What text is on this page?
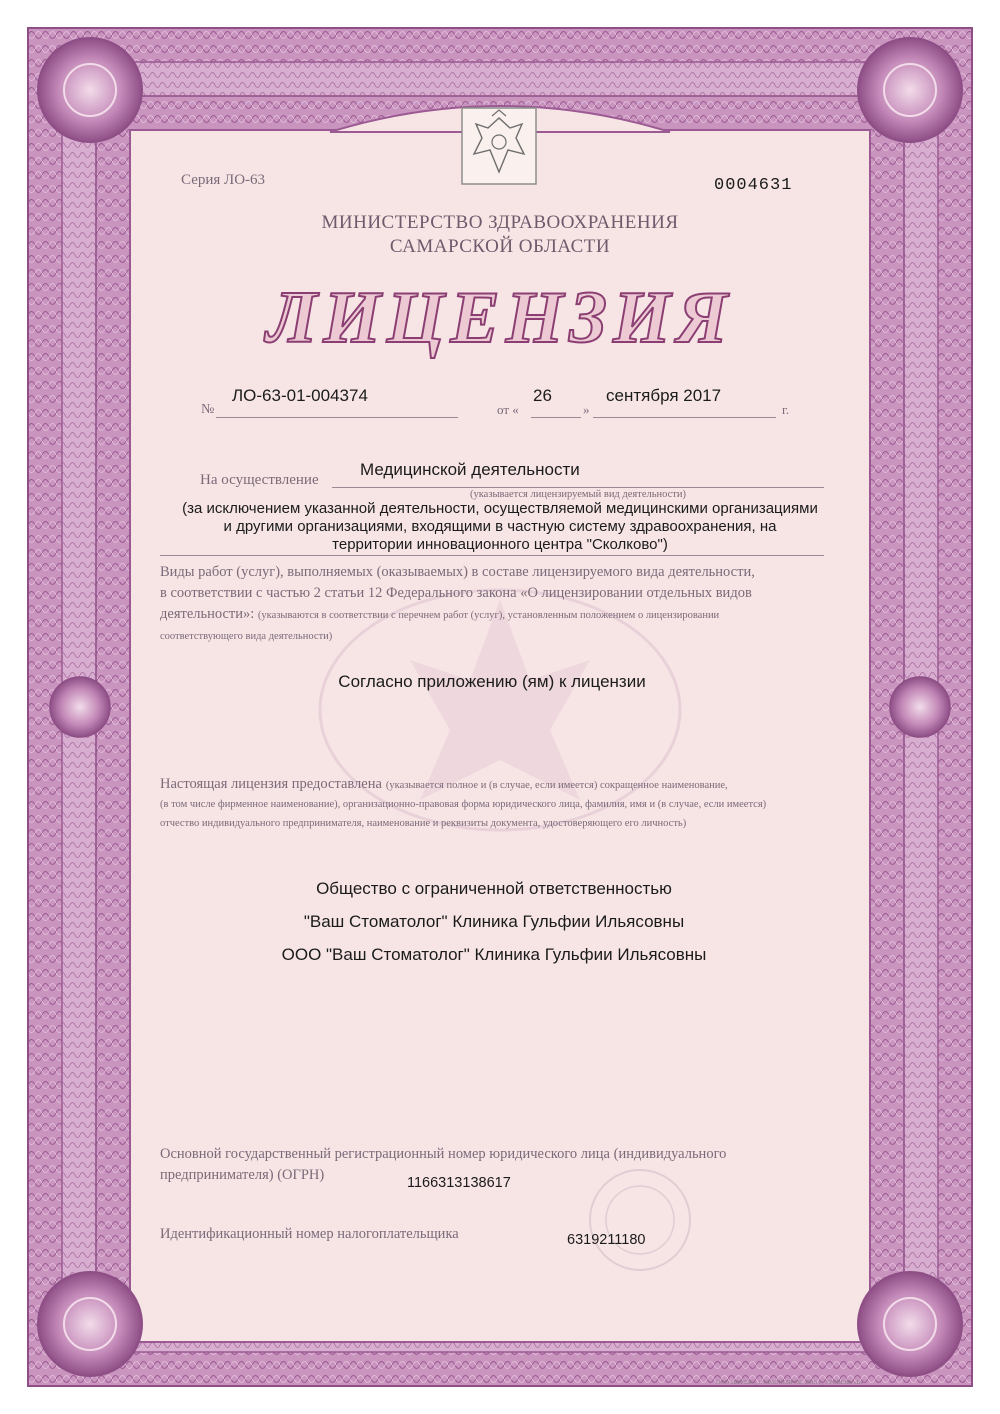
Серия ЛО-63	0004631
МИНИСТЕРСТВО ЗДРАВООХРАНЕНИЯ
САМАРСКОЙ ОБЛАСТИ
ЛИЦЕНЗИЯ
№
ЛО-63-01-004374
от «
26
»
сентября 2017
г.
На осуществление
Медицинской деятельности
(указывается лицензируемый вид деятельности)
(за исключением указанной деятельности, осуществляемой медицинскими организациями
и другими организациями, входящими в частную систему здравоохранения, на
территории инновационного центра "Сколково")
Виды работ (услуг), выполняемых (оказываемых) в составе лицензируемого вида деятельности,
в соответствии с частью 2 статьи 12 Федерального закона «О лицензировании отдельных видов
деятельности»: (указываются в соответствии с перечнем работ (услуг), установленным положением о лицензировании
соответствующего вида деятельности)
Согласно приложению (ям) к лицензии
Настоящая лицензия предоставлена (указывается полное и (в случае, если имеется) сокращенное наименование,
(в том числе фирменное наименование), организационно-правовая форма юридического лица, фамилия, имя и (в случае, если имеется)
отчество индивидуального предпринимателя, наименование и реквизиты документа, удостоверяющего его личность)
Общество с ограниченной ответственностью
"Ваш Стоматолог" Клиника Гульфии Ильясовны
ООО "Ваш Стоматолог" Клиника Гульфии Ильясовны
Основной государственный регистрационный номер юридического лица (индивидуального
предпринимателя) (ОГРН)	1166313138617
Идентификационный номер налогоплательщика	6319211180
ООО «БЕРЕЖ», г. КРАСНОЯРСК, 2016 г., УРОВЕНЬ «Б»
